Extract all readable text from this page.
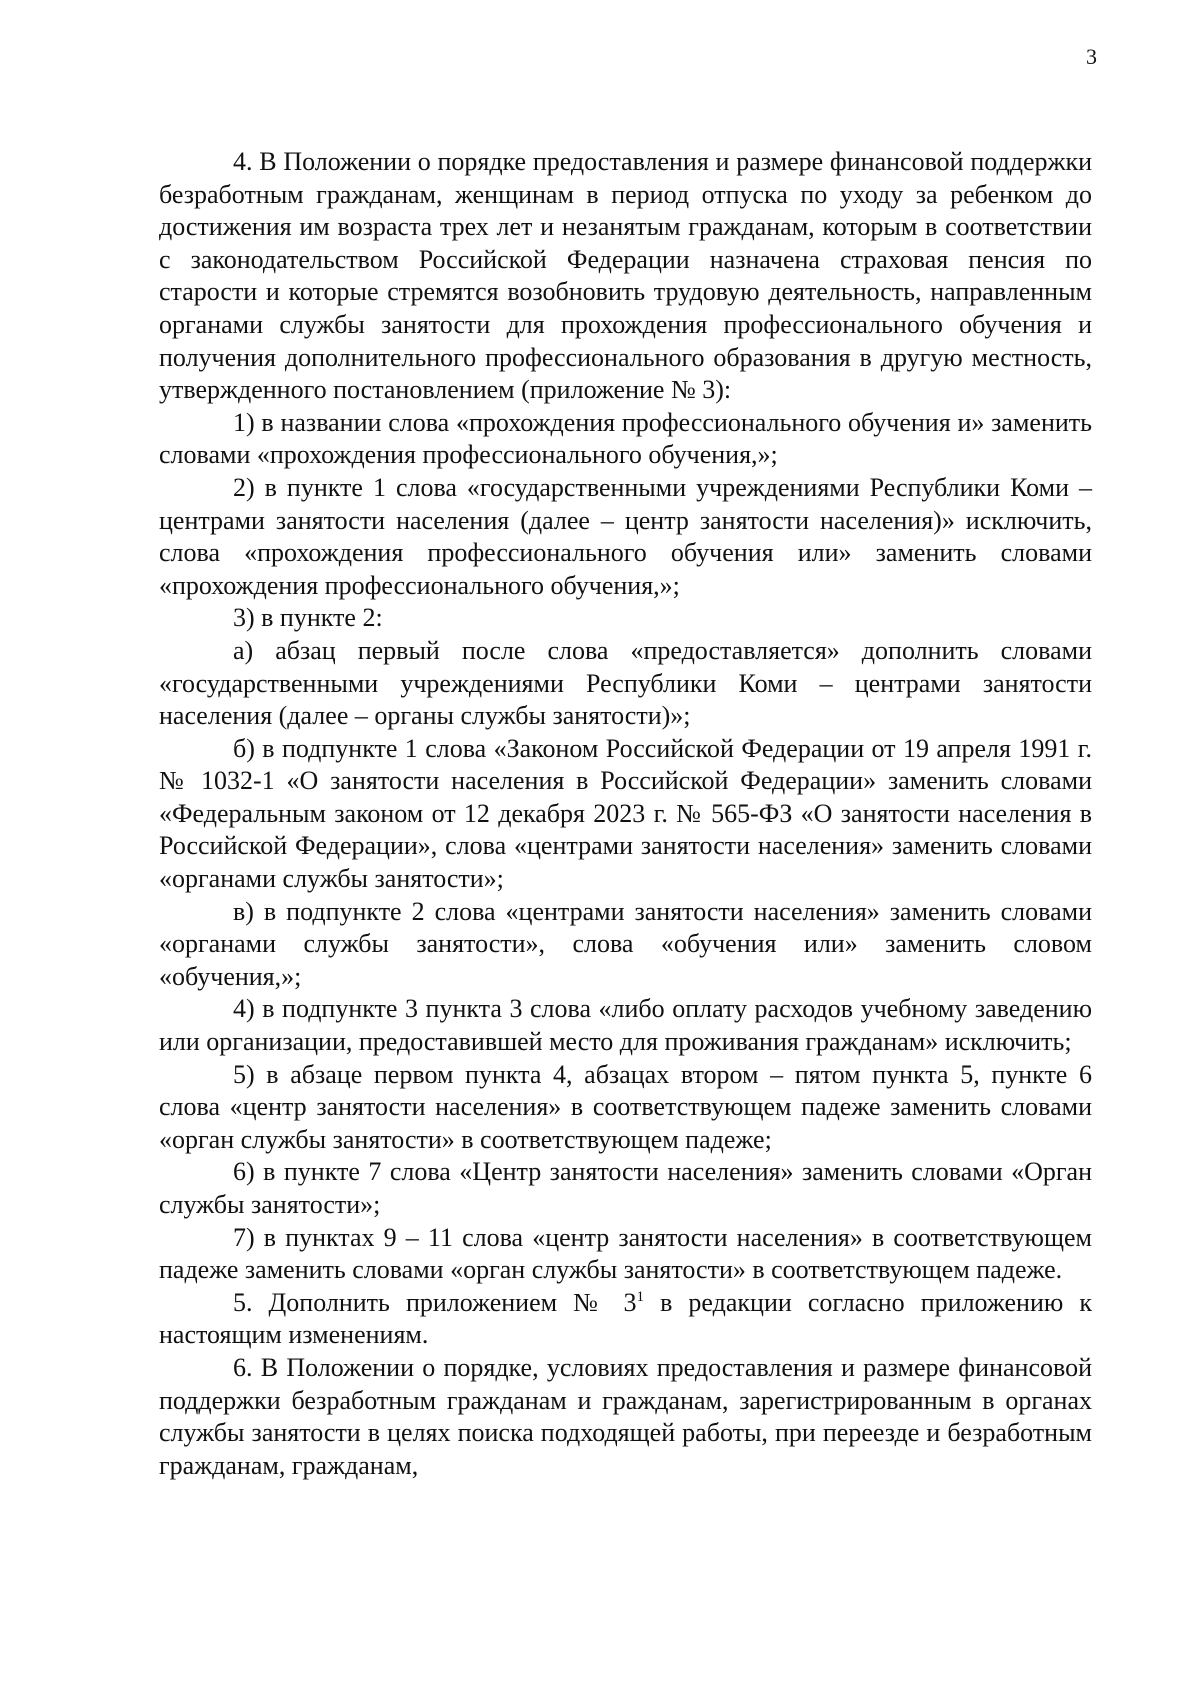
3

4. В Положении о порядке предоставления и размере финансовой поддержки безработным гражданам, женщинам в период отпуска по уходу за ребенком до достижения им возраста трех лет и незанятым гражданам, которым в соответствии с законодательством Российской Федерации назначена страховая пенсия по старости и которые стремятся возобновить трудовую деятельность, направленным органами службы занятости для прохождения профессионального обучения и получения дополнительного профессионального образования в другую местность, утвержденного постановлением (приложение № 3):

1) в названии слова «прохождения профессионального обучения и» заменить словами «прохождения профессионального обучения,»;

2) в пункте 1 слова «государственными учреждениями Республики Коми – центрами занятости населения (далее – центр занятости населения)» исключить, слова «прохождения профессионального обучения или» заменить словами «прохождения профессионального обучения,»;

3) в пункте 2:

а) абзац первый после слова «предоставляется» дополнить словами «государственными учреждениями Республики Коми – центрами занятости населения (далее – органы службы занятости)»;

б) в подпункте 1 слова «Законом Российской Федерации от 19 апреля 1991 г. № 1032-1 «О занятости населения в Российской Федерации» заменить словами «Федеральным законом от 12 декабря 2023 г. № 565-ФЗ «О занятости населения в Российской Федерации», слова «центрами занятости населения» заменить словами «органами службы занятости»;

в) в подпункте 2 слова «центрами занятости населения» заменить словами «органами службы занятости», слова «обучения или» заменить словом «обучения,»;

4) в подпункте 3 пункта 3 слова «либо оплату расходов учебному заведению или организации, предоставившей место для проживания гражданам» исключить;

5) в абзаце первом пункта 4, абзацах втором – пятом пункта 5, пункте 6 слова «центр занятости населения» в соответствующем падеже заменить словами «орган службы занятости» в соответствующем падеже;

6) в пункте 7 слова «Центр занятости населения» заменить словами «Орган службы занятости»;

7) в пунктах 9 – 11 слова «центр занятости населения» в соответствующем падеже заменить словами «орган службы занятости» в соответствующем падеже.

5. Дополнить приложением № $3^1$ в редакции согласно приложению к настоящим изменениям.

6. В Положении о порядке, условиях предоставления и размере финансовой поддержки безработным гражданам и гражданам, зарегистрированным в органах службы занятости в целях поиска подходящей работы, при переезде и безработным гражданам, гражданам,
